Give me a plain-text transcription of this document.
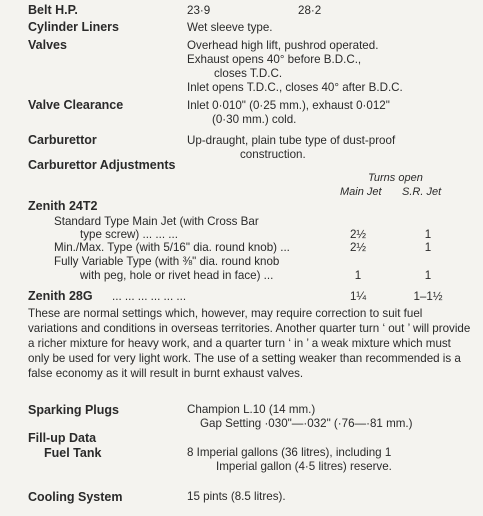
Belt H.P.	23·9	28·2
Cylinder Liners	Wet sleeve type.
Valves	Overhead high lift, pushrod operated.
Exhaust opens 40° before B.D.C.,
closes T.D.C.
Inlet opens T.D.C., closes 40° after B.D.C.
Valve Clearance	Inlet 0·010" (0·25 mm.), exhaust 0·012"
(0·30 mm.) cold.
Carburettor	Up-draught, plain tube type of dust-proof
construction.
Carburettor Adjustments
Turns open
Main Jet S.R. Jet
Zenith 24T2
Standard Type Main Jet (with Cross Bar
type screw) ... ... ...	2½	1
Min./Max. Type (with 5/16" dia. round knob) ...	2½	1
Fully Variable Type (with ⅜" dia. round knob
with peg, hole or rivet head in face) ...	1	1
Zenith 28G ... ... ... ... ... ...	1¼	1–1½
These are normal settings which, however, may require correction to suit fuel variations and conditions in overseas territories. Another quarter turn ‘ out ’ will provide a richer mixture for heavy work, and a quarter turn ‘ in ’ a weak mixture which must only be used for very light work. The use of a setting weaker than recommended is a false economy as it will result in burnt exhaust valves.
Sparking Plugs	Champion L.10 (14 mm.)
Gap Setting ·030"—·032" (·76—·81 mm.)
Fill-up Data
Fuel Tank	8 Imperial gallons (36 litres), including 1
Imperial gallon (4·5 litres) reserve.
Cooling System	15 pints (8.5 litres).
